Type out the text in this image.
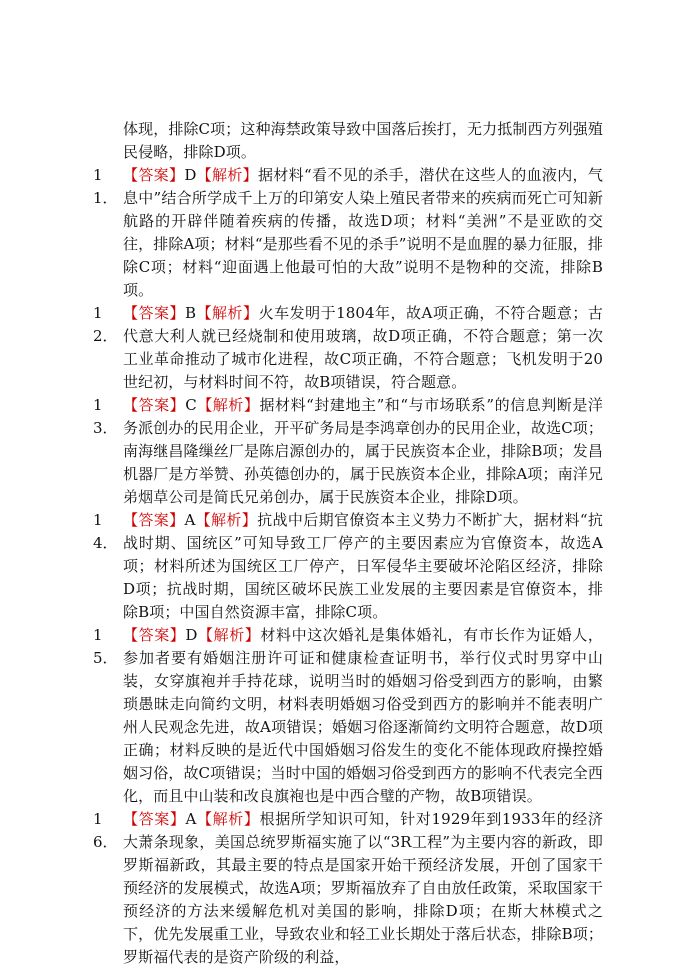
体现，排除C项；这种海禁政策导致中国落后挨打，无力抵制西方列强殖民侵略，排除D项。
11．
【答案】D【解析】据材料“看不见的杀手，潜伏在这些人的血液内，气息中”结合所学成千上万的印第安人染上殖民者带来的疾病而死亡可知新航路的开辟伴随着疾病的传播，故选D项；材料“美洲”不是亚欧的交往，排除A项；材料“是那些看不见的杀手”说明不是血腥的暴力征服，排除C项；材料“迎面遇上他最可怕的大敌”说明不是物种的交流，排除B项。
12．
【答案】B【解析】火车发明于1804年，故A项正确，不符合题意；古代意大利人就已经烧制和使用玻璃，故D项正确，不符合题意；第一次工业革命推动了城市化进程，故C项正确，不符合题意；飞机发明于20世纪初，与材料时间不符，故B项错误，符合题意。
13．
【答案】C【解析】据材料“封建地主”和“与市场联系”的信息判断是洋务派创办的民用企业，开平矿务局是李鸿章创办的民用企业，故选C项；南海继昌隆缫丝厂是陈启源创办的，属于民族资本企业，排除B项；发昌机器厂是方举赞、孙英德创办的，属于民族资本企业，排除A项；南洋兄弟烟草公司是简氏兄弟创办，属于民族资本企业，排除D项。
14．
【答案】A【解析】抗战中后期官僚资本主义势力不断扩大，据材料“抗战时期、国统区”可知导致工厂停产的主要因素应为官僚资本，故选A项；材料所述为国统区工厂停产，日军侵华主要破坏沦陷区经济，排除D项；抗战时期，国统区破坏民族工业发展的主要因素是官僚资本，排除B项；中国自然资源丰富，排除C项。
15．
【答案】D【解析】材料中这次婚礼是集体婚礼，有市长作为证婚人，参加者要有婚姻注册许可证和健康检查证明书，举行仪式时男穿中山装，女穿旗袍并手持花球，说明当时的婚姻习俗受到西方的影响，由繁琐愚昧走向简约文明，材料表明婚姻习俗受到西方的影响并不能表明广州人民观念先进，故A项错误；婚姻习俗逐渐简约文明符合题意，故D项正确；材料反映的是近代中国婚姻习俗发生的变化不能体现政府操控婚姻习俗，故C项错误；当时中国的婚姻习俗受到西方的影响不代表完全西化，而且中山装和改良旗袍也是中西合璧的产物，故B项错误。
16．
【答案】A【解析】根据所学知识可知，针对1929年到1933年的经济大萧条现象，美国总统罗斯福实施了以“3R工程”为主要内容的新政，即罗斯福新政，其最主要的特点是国家开始干预经济发展，开创了国家干预经济的发展模式，故选A项；罗斯福放弃了自由放任政策，采取国家干预经济的方法来缓解危机对美国的影响，排除D项；在斯大林模式之下，优先发展重工业，导致农业和轻工业长期处于落后状态，排除B项；罗斯福代表的是资产阶级的利益，
